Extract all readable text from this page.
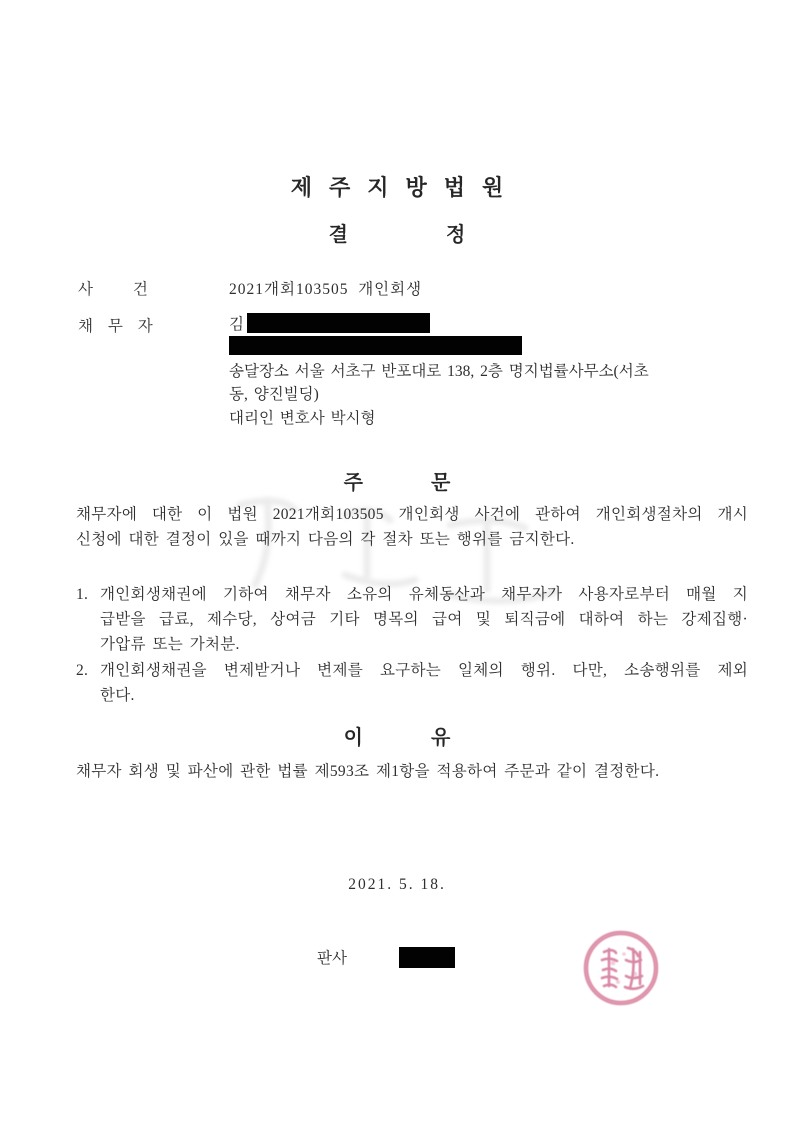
제주지방법원
결 정
사 건	2021개회103505  개인회생
채 무 자	김
송달장소 서울 서초구 반포대로 138, 2층 명지법률사무소(서초
동, 양진빌딩)
대리인 변호사 박시형
주 문
채무자에 대한 이 법원 2021개회103505 개인회생 사건에 관하여 개인회생절차의 개시
신청에 대한 결정이 있을 때까지 다음의 각 절차 또는 행위를 금지한다.
1. 개인회생채권에 기하여 채무자 소유의 유체동산과 채무자가 사용자로부터 매월 지
급받을 급료, 제수당, 상여금 기타 명목의 급여 및 퇴직금에 대하여 하는 강제집행·
가압류 또는 가처분.
2. 개인회생채권을 변제받거나 변제를 요구하는 일체의 행위. 다만, 소송행위를 제외
한다.
이 유
채무자 회생 및 파산에 관한 법률 제593조 제1항을 적용하여 주문과 같이 결정한다.
2021. 5. 18.
판사
